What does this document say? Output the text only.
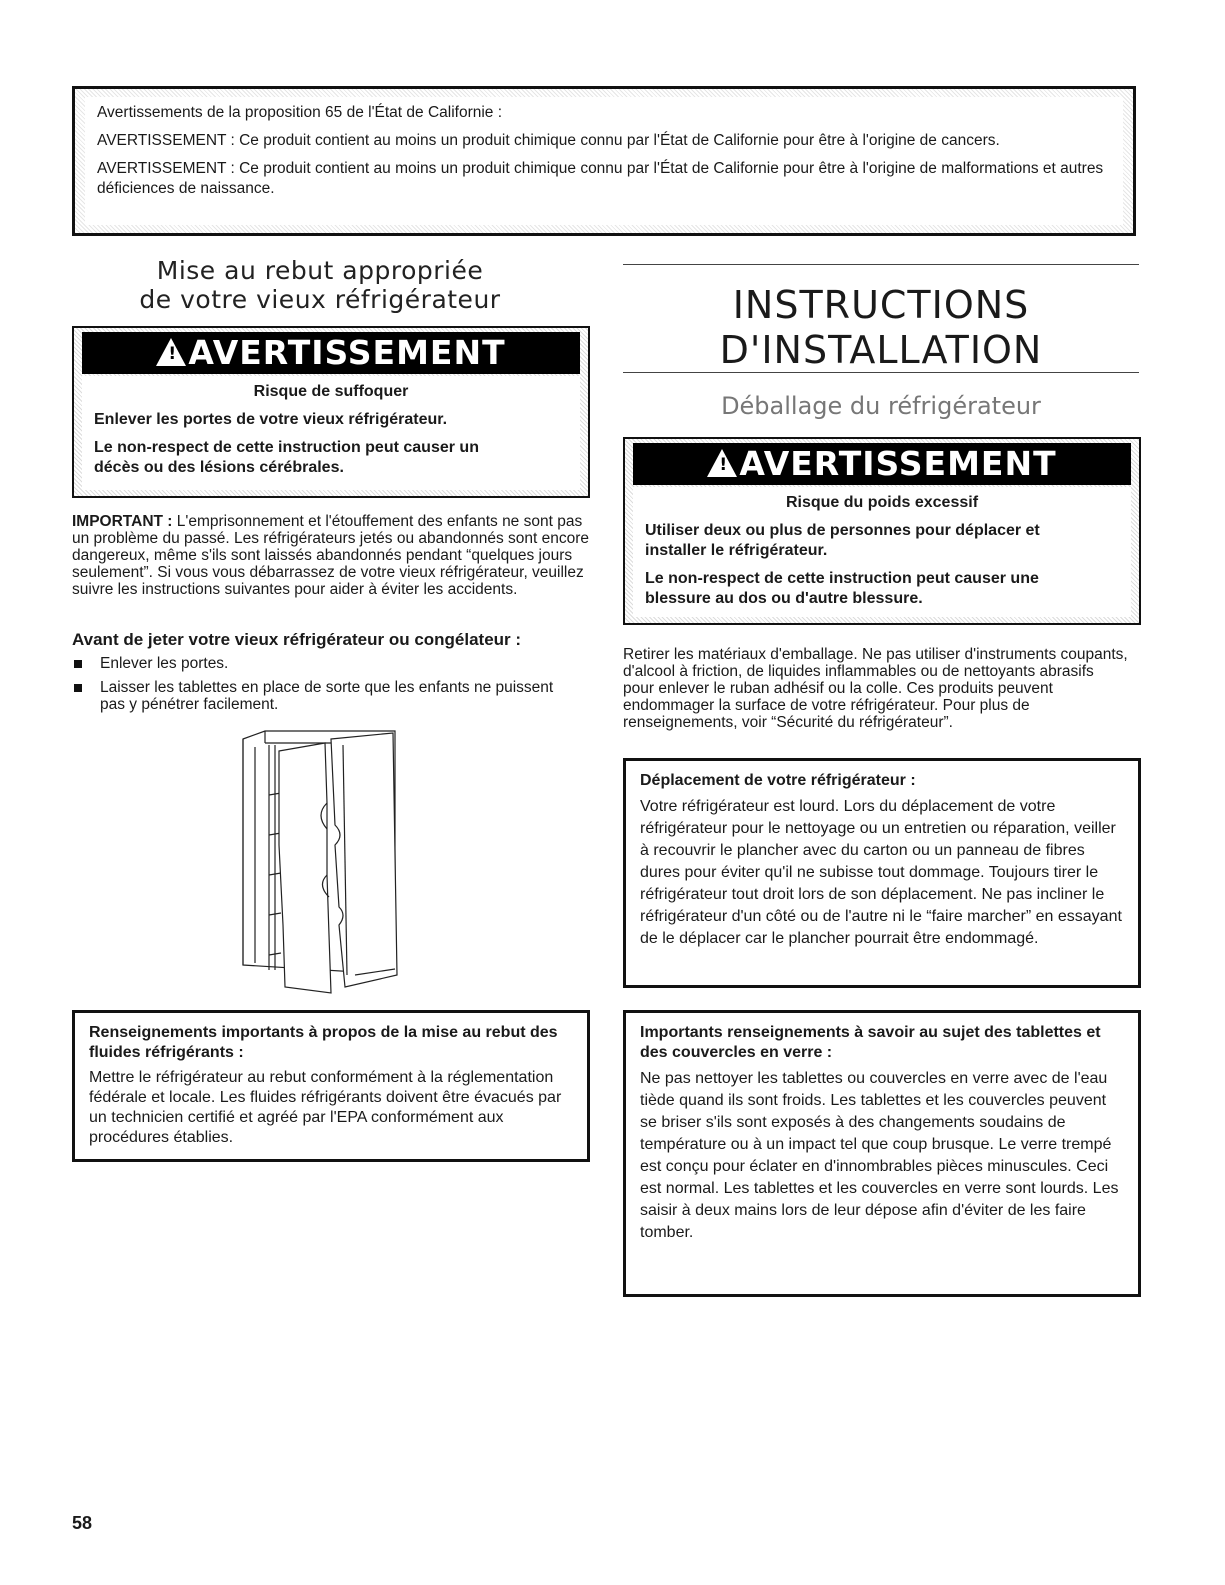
Avertissements de la proposition 65 de l'État de Californie :

AVERTISSEMENT : Ce produit contient au moins un produit chimique connu par l'État de Californie pour être à l'origine de cancers.

AVERTISSEMENT : Ce produit contient au moins un produit chimique connu par l'État de Californie pour être à l'origine de malformations et autres déficiences de naissance.

Mise au rebut appropriée
de votre vieux réfrigérateur
!AVERTISSEMENT
Risque de suffoquer

Enlever les portes de votre vieux réfrigérateur.

Le non-respect de cette instruction peut causer un décès ou des lésions cérébrales.

IMPORTANT : L'emprisonnement et l'étouffement des enfants ne sont pas un problème du passé. Les réfrigérateurs jetés ou abandonnés sont encore dangereux, même s'ils sont laissés abandonnés pendant “quelques jours seulement”. Si vous vous débarrassez de votre vieux réfrigérateur, veuillez suivre les instructions suivantes pour aider à éviter les accidents.

Avant de jeter votre vieux réfrigérateur ou congélateur :
Enlever les portes.
Laisser les tablettes en place de sorte que les enfants ne puissent pas y pénétrer facilement.
Renseignements importants à propos de la mise au rebut des fluides réfrigérants :
Mettre le réfrigérateur au rebut conformément à la réglementation fédérale et locale. Les fluides réfrigérants doivent être évacués par un technicien certifié et agréé par l'EPA conformément aux procédures établies.
INSTRUCTIONS
D'INSTALLATION
Déballage du réfrigérateur
!AVERTISSEMENT
Risque du poids excessif

Utiliser deux ou plus de personnes pour déplacer et installer le réfrigérateur.

Le non-respect de cette instruction peut causer une blessure au dos ou d'autre blessure.

Retirer les matériaux d'emballage. Ne pas utiliser d'instruments coupants, d'alcool à friction, de liquides inflammables ou de nettoyants abrasifs pour enlever le ruban adhésif ou la colle. Ces produits peuvent endommager la surface de votre réfrigérateur. Pour plus de renseignements, voir “Sécurité du réfrigérateur”.
Déplacement de votre réfrigérateur :
Votre réfrigérateur est lourd. Lors du déplacement de votre réfrigérateur pour le nettoyage ou un entretien ou réparation, veiller à recouvrir le plancher avec du carton ou un panneau de fibres dures pour éviter qu'il ne subisse tout dommage. Toujours tirer le réfrigérateur tout droit lors de son déplacement. Ne pas incliner le réfrigérateur d'un côté ou de l'autre ni le “faire marcher” en essayant de le déplacer car le plancher pourrait être endommagé.
Importants renseignements à savoir au sujet des tablettes et des couvercles en verre :
Ne pas nettoyer les tablettes ou couvercles en verre avec de l'eau tiède quand ils sont froids. Les tablettes et les couvercles peuvent se briser s'ils sont exposés à des changements soudains de température ou à un impact tel que coup brusque. Le verre trempé est conçu pour éclater en d'innombrables pièces minuscules. Ceci est normal. Les tablettes et les couvercles en verre sont lourds. Les saisir à deux mains lors de leur dépose afin d'éviter de les faire tomber.
58
